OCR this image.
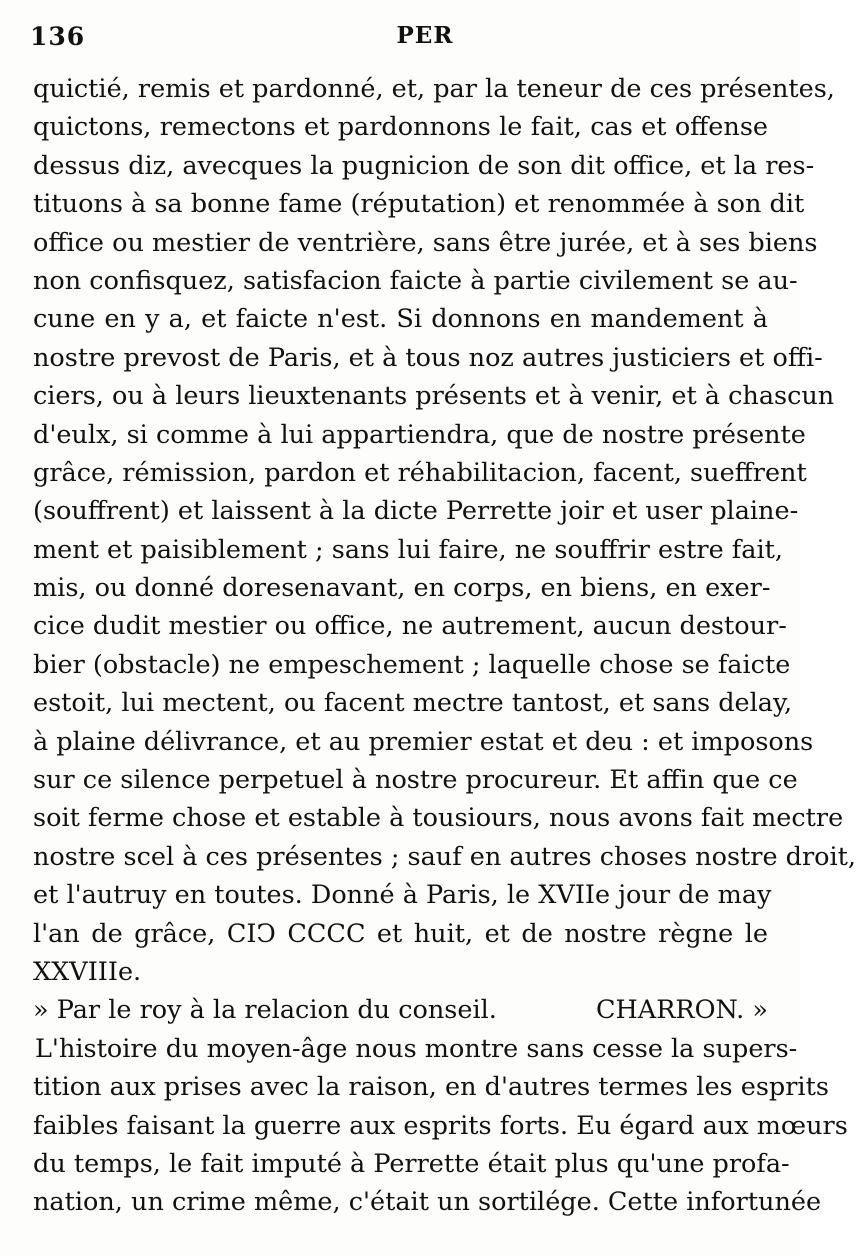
136	PER
quictié, remis et pardonné, et, par la teneur de ces présentes,
quictons, remectons et pardonnons le fait, cas et offense
dessus diz, avecques la pugnicion de son dit office, et la res-
tituons à sa bonne fame (réputation) et renommée à son dit
office ou mestier de ventrière, sans être jurée, et à ses biens
non confisquez, satisfacion faicte à partie civilement se au-
cune en y a, et faicte n'est. Si donnons en mandement à
nostre prevost de Paris, et à tous noz autres justiciers et offi-
ciers, ou à leurs lieuxtenants présents et à venir, et à chascun
d'eulx, si comme à lui appartiendra, que de nostre présente
grâce, rémission, pardon et réhabilitacion, facent, sueffrent
(souffrent) et laissent à la dicte Perrette joir et user plaine-
ment et paisiblement ; sans lui faire, ne souffrir estre fait,
mis, ou donné doresenavant, en corps, en biens, en exer-
cice dudit mestier ou office, ne autrement, aucun destour-
bier (obstacle) ne empeschement ; laquelle chose se faicte
estoit, lui mectent, ou facent mectre tantost, et sans delay,
à plaine délivrance, et au premier estat et deu : et imposons
sur ce silence perpetuel à nostre procureur. Et affin que ce
soit ferme chose et estable à tousiours, nous avons fait mectre
nostre scel à ces présentes ; sauf en autres choses nostre droit,
et l'autruy en toutes. Donné à Paris, le XVIIe jour de may
l'an de grâce, CIↃ CCCC et huit, et de nostre règne le
XXVIIIe.
» Par le roy à la relacion du conseil.	CHARRON. »
L'histoire du moyen-âge nous montre sans cesse la supers-
tition aux prises avec la raison, en d'autres termes les esprits
faibles faisant la guerre aux esprits forts. Eu égard aux mœurs
du temps, le fait imputé à Perrette était plus qu'une profa-
nation, un crime même, c'était un sortilége. Cette infortunée
